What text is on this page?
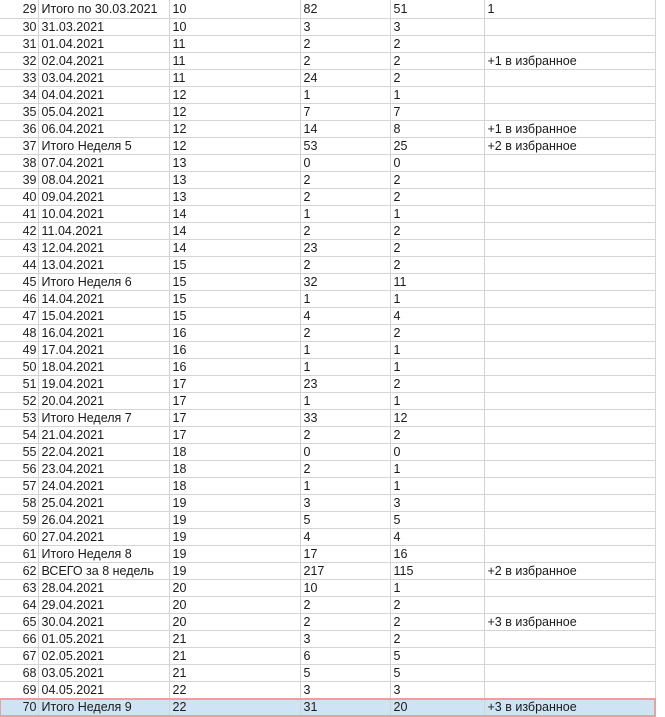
29	Итого по 30.03.2021	10	82	51	1
30	31.03.2021	10	3	3	
31	01.04.2021	11	2	2	
32	02.04.2021	11	2	2	+1 в избранное
33	03.04.2021	11	24	2	
34	04.04.2021	12	1	1	
35	05.04.2021	12	7	7	
36	06.04.2021	12	14	8	+1 в избранное
37	Итого Неделя 5	12	53	25	+2 в избранное
38	07.04.2021	13	0	0	
39	08.04.2021	13	2	2	
40	09.04.2021	13	2	2	
41	10.04.2021	14	1	1	
42	11.04.2021	14	2	2	
43	12.04.2021	14	23	2	
44	13.04.2021	15	2	2	
45	Итого Неделя 6	15	32	11	
46	14.04.2021	15	1	1	
47	15.04.2021	15	4	4	
48	16.04.2021	16	2	2	
49	17.04.2021	16	1	1	
50	18.04.2021	16	1	1	
51	19.04.2021	17	23	2	
52	20.04.2021	17	1	1	
53	Итого Неделя 7	17	33	12	
54	21.04.2021	17	2	2	
55	22.04.2021	18	0	0	
56	23.04.2021	18	2	1	
57	24.04.2021	18	1	1	
58	25.04.2021	19	3	3	
59	26.04.2021	19	5	5	
60	27.04.2021	19	4	4	
61	Итого Неделя 8	19	17	16	
62	ВСЕГО за 8 недель	19	217	115	+2 в избранное
63	28.04.2021	20	10	1	
64	29.04.2021	20	2	2	
65	30.04.2021	20	2	2	+3 в избранное
66	01.05.2021	21	3	2	
67	02.05.2021	21	6	5	
68	03.05.2021	21	5	5	
69	04.05.2021	22	3	3	
70	Итого Неделя 9	22	31	20	+3 в избранное
